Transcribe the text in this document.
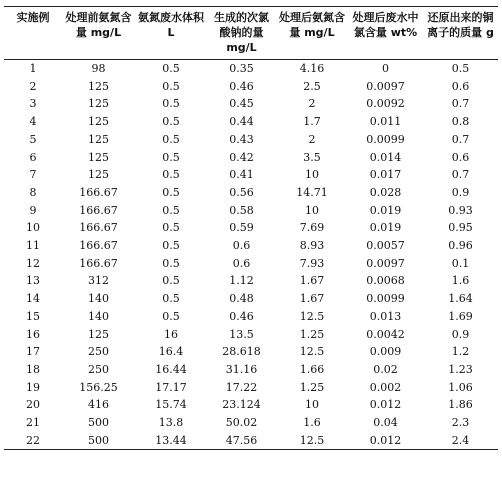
实施例	处理前氨氮含量 mg/L	氨氮废水体积 L	生成的次氯酸钠的量 mg/L	处理后氨氮含量 mg/L	处理后废水中氯含量 wt%	还原出来的铜离子的质量 g
1	98	0.5	0.35	4.16	0	0.5
2	125	0.5	0.46	2.5	0.0097	0.6
3	125	0.5	0.45	2	0.0092	0.7
4	125	0.5	0.44	1.7	0.011	0.8
5	125	0.5	0.43	2	0.0099	0.7
6	125	0.5	0.42	3.5	0.014	0.6
7	125	0.5	0.41	10	0.017	0.7
8	166.67	0.5	0.56	14.71	0.028	0.9
9	166.67	0.5	0.58	10	0.019	0.93
10	166.67	0.5	0.59	7.69	0.019	0.95
11	166.67	0.5	0.6	8.93	0.0057	0.96
12	166.67	0.5	0.6	7.93	0.0097	0.1
13	312	0.5	1.12	1.67	0.0068	1.6
14	140	0.5	0.48	1.67	0.0099	1.64
15	140	0.5	0.46	12.5	0.013	1.69
16	125	16	13.5	1.25	0.0042	0.9
17	250	16.4	28.618	12.5	0.009	1.2
18	250	16.44	31.16	1.66	0.02	1.23
19	156.25	17.17	17.22	1.25	0.002	1.06
20	416	15.74	23.124	10	0.012	1.86
21	500	13.8	50.02	1.6	0.04	2.3
22	500	13.44	47.56	12.5	0.012	2.4
